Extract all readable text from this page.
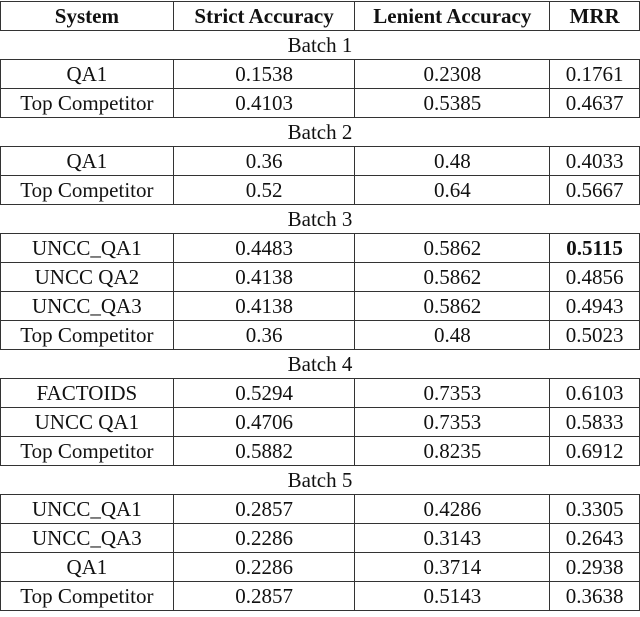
System	Strict Accuracy	Lenient Accuracy	MRR
Batch 1			
QA1	0.1538	0.2308	0.1761
Top Competitor	0.4103	0.5385	0.4637
Batch 2			
QA1	0.36	0.48	0.4033
Top Competitor	0.52	0.64	0.5667
Batch 3			
UNCC_QA1	0.4483	0.5862	0.5115
UNCC QA2	0.4138	0.5862	0.4856
UNCC_QA3	0.4138	0.5862	0.4943
Top Competitor	0.36	0.48	0.5023
Batch 4			
FACTOIDS	0.5294	0.7353	0.6103
UNCC QA1	0.4706	0.7353	0.5833
Top Competitor	0.5882	0.8235	0.6912
Batch 5			
UNCC_QA1	0.2857	0.4286	0.3305
UNCC_QA3	0.2286	0.3143	0.2643
QA1	0.2286	0.3714	0.2938
Top Competitor	0.2857	0.5143	0.3638
